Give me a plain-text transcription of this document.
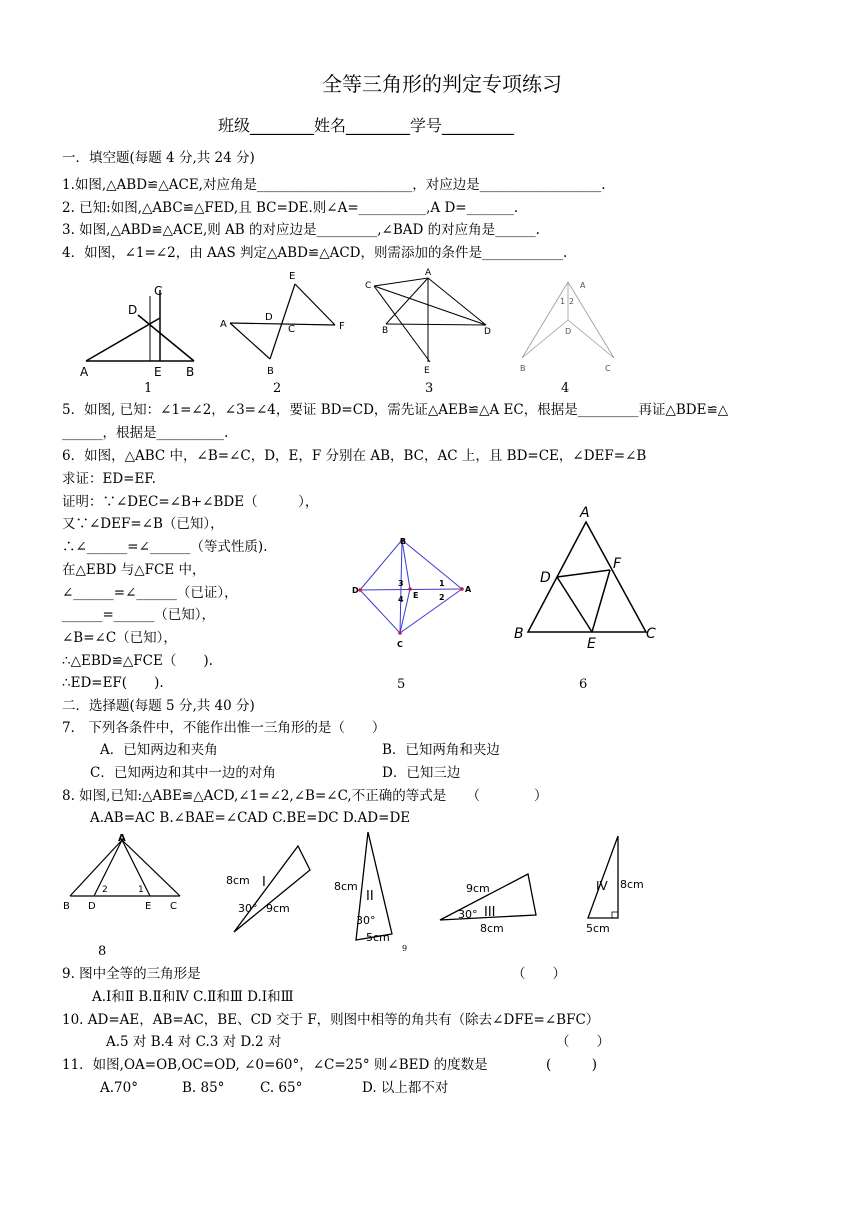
全等三角形的判定专项练习
班级________姓名________学号_________
一．填空题(每题 4 分,共 24 分)
1.如图,△ABD≌△ACE,对应角是_______________________，对应边是__________________.
2. 已知:如图,△ABC≌△FED,且 BC=DE.则∠A=__________,A D=_______.
3. 如图,△ABD≌△ACE,则 AB 的对应边是_________,∠BAD 的对应角是______.
4．如图，∠1=∠2，由 AAS 判定△ABD≌△ACD，则需添加的条件是____________.
A	B
C
D
E
1
E
A
D
C	F
B
2
C
A
B	D
E
3
A
1 2
D
B	C
4
5．如图, 已知：∠1=∠2，∠3=∠4，要证 BD=CD，需先证△AEB≌△A EC，根据是_________再证△BDE≌△
______，根据是__________.
6．如图，△ABC 中，∠B=∠C，D，E，F 分别在 AB，BC，AC 上，且 BD=CE，∠DEF=∠B
求证：ED=EF.
证明：∵∠DEC=∠B+∠BDE（　　　），
又∵∠DEF=∠B（已知），
∴∠______=∠______（等式性质).
在△EBD 与△FCE 中，
∠______=∠______（已证），
______=______（已知），
∠B=∠C（已知），
∴△EBD≌△FCE（　　).
∴ED=EF(　　).
B
D
C
A
E
3
4
1
2
5
A
D
F
B	C
E
6
二．选择题(每题 5 分,共 40 分)
7． 下列各条件中，不能作出惟一三角形的是（　　）
A．已知两边和夹角	B．已知两角和夹边
C．已知两边和其中一边的对角	D．已知三边
8. 如图,已知:△ABE≌△ACD,∠1=∠2,∠B=∠C,不正确的等式是　　（　　　　）
A.AB=AC B.∠BAE=∠CAD C.BE=DC D.AD=DE
A
B D	E C
2	1
8
8cm I
9cm
30°
8cm
II
30°
5cm
9cm
III
30°
8cm
IV 8cm
5cm
9
9. 图中全等的三角形是	（　　）
A.Ⅰ和Ⅱ B.Ⅱ和Ⅳ C.Ⅱ和Ⅲ D.Ⅰ和Ⅲ
10. AD=AE，AB=AC，BE、CD 交于 F，则图中相等的角共有（除去∠DFE=∠BFC）
A.5 对 B.4 对 C.3 对 D.2 对	（　　）
11．如图,OA=OB,OC=OD, ∠0=60°，∠C=25° 则∠BED 的度数是	(　　　)
A.70°	B. 85°	C. 65°	D. 以上都不对
